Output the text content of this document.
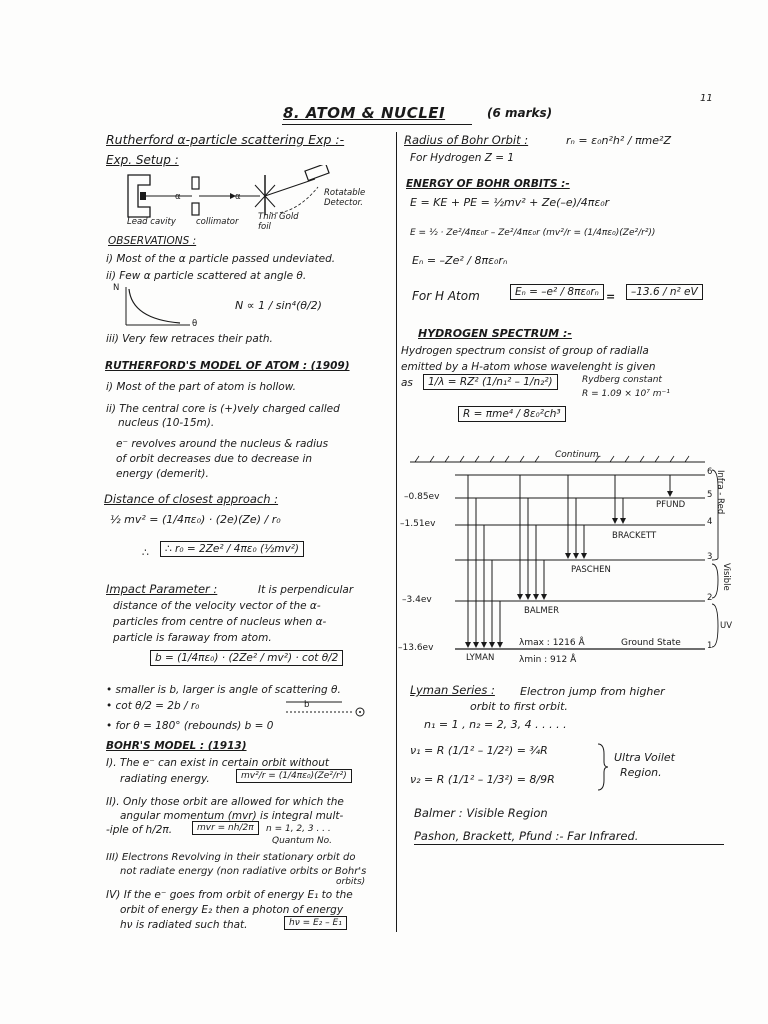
11
8. ATOM & NUCLEI	(6 marks)
Rutherford α-particle scattering Exp :-
Exp. Setup :
α	α
Lead cavity collimator Thin Gold foil
Rotatable Detector.
OBSERVATIONS :
i) Most of the α particle passed undeviated.
ii) Few α particle scattered at angle θ.
N
θ
N ∝ 1 / sin⁴(θ/2)
iii) Very few retraces their path.
RUTHERFORD'S MODEL OF ATOM : (1909)
i) Most of the part of atom is hollow.
ii) The central core is (+)vely charged called
nucleus (10-15m).
e⁻ revolves around the nucleus & radius
of orbit decreases due to decrease in
energy (demerit).
Distance of closest approach :
½ mv² = (1/4πε₀) · (2e)(Ze) / r₀
∴	∴ r₀ = 2Ze² / 4πε₀ (½mv²)
Impact Parameter :	It is perpendicular
distance of the velocity vector of the α-
particles from centre of nucleus when α-
particle is faraway from atom.
b = (1/4πε₀) · (2Ze² / mv²) · cot θ/2
• smaller is b, larger is angle of scattering θ.
• cot θ/2 = 2b / r₀	b
• for θ = 180° (rebounds) b = 0
BOHR'S MODEL : (1913)
I). The e⁻ can exist in certain orbit without
radiating energy.	mv²/r = (1/4πε₀)(Ze²/r²)
II). Only those orbit are allowed for which the
angular momentum (mvr) is integral mult-
-iple of h/2π.	mvr = nh/2π	n = 1, 2, 3 . . .
Quantum No.
III) Electrons Revolving in their stationary orbit do
not radiate energy (non radiative orbits or Bohr's
orbits)
IV) If the e⁻ goes from orbit of energy E₁ to the
orbit of energy E₂ then a photon of energy
hν is radiated such that.	hν = E₂ – E₁
Radius of Bohr Orbit :	rₙ = ε₀n²h² / πme²Z
For Hydrogen Z = 1
ENERGY OF BOHR ORBITS :-
E = KE + PE = ½mv² + Ze(–e)/4πε₀r
E = ½ · Ze²/4πε₀r – Ze²/4πε₀r (mv²/r = (1/4πε₀)(Ze²/r²))
Eₙ = –Ze² / 8πε₀rₙ
For H Atom	Eₙ = –e² / 8πε₀rₙ =	–13.6 / n² eV
HYDROGEN SPECTRUM :-
Hydrogen spectrum consist of group of radialla
emitted by a H-atom whose wavelenght is given
as	1/λ = RZ² (1/n₁² – 1/n₂²)	Rydberg constant
R = 1.09 × 10⁷ m⁻¹
R = πme⁴ / 8ε₀²ch³
Continum.
–0.85ev
–1.51ev
–3.4ev
–13.6ev
PFUND
BRACKETT
PASCHEN
BALMER
LYMAN
λmax : 1216 Å
λmin : 912 Å
Ground State
Infra - Red
Visible
UV
6
5
4
3
2
1
Lyman Series : Electron jump from higher
orbit to first orbit.
n₁ = 1 , n₂ = 2, 3, 4 . . . . .
ν₁ = R (1/1² – 1/2²) = ¾R
ν₂ = R (1/1² – 1/3²) = 8/9R
Ultra Voilet
Region.
Balmer : Visible Region
Pashon, Brackett, Pfund :- Far Infrared.
